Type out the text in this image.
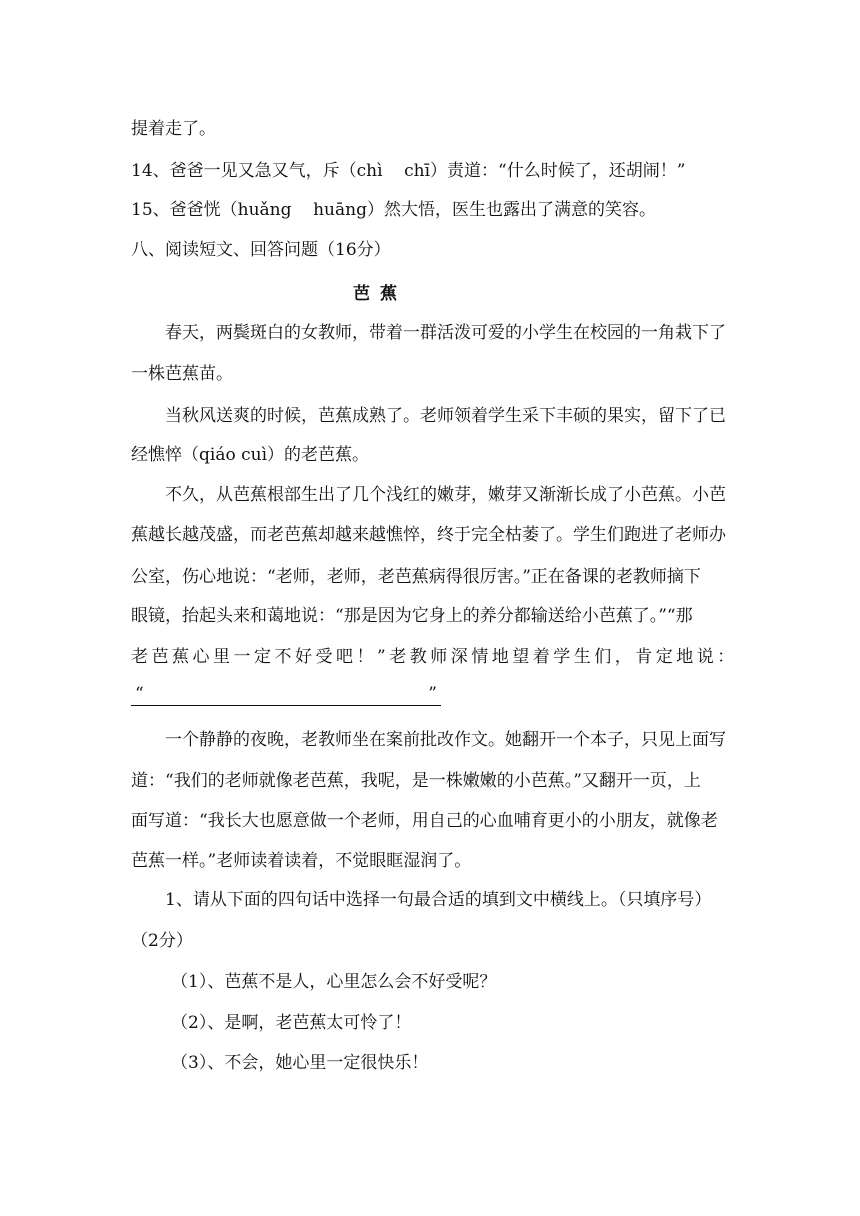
提着走了。
14、爸爸一见又急又气，斥（chì    chī）责道：“什么时候了，还胡闹！”
15、爸爸恍（huǎng    huāng）然大悟，医生也露出了满意的笑容。
八、阅读短文、回答问题（16分）
芭蕉
春天，两鬓斑白的女教师，带着一群活泼可爱的小学生在校园的一角栽下了
一株芭蕉苗。
当秋风送爽的时候，芭蕉成熟了。老师领着学生采下丰硕的果实，留下了已
经憔悴（qiáo cuì）的老芭蕉。
不久，从芭蕉根部生出了几个浅红的嫩芽，嫩芽又渐渐长成了小芭蕉。小芭
蕉越长越茂盛，而老芭蕉却越来越憔悴，终于完全枯萎了。学生们跑进了老师办
公室，伤心地说：“老师，老师，老芭蕉病得很厉害。”正在备课的老教师摘下
眼镜，抬起头来和蔼地说：“那是因为它身上的养分都输送给小芭蕉了。”“那
老芭蕉心里一定不好受吧！”老教师深情地望着学生们，肯定地说：
“	”
一个静静的夜晚，老教师坐在案前批改作文。她翻开一个本子，只见上面写
道：“我们的老师就像老芭蕉，我呢，是一株嫩嫩的小芭蕉。”又翻开一页，上
面写道：“我长大也愿意做一个老师，用自己的心血哺育更小的小朋友，就像老
芭蕉一样。”老师读着读着，不觉眼眶湿润了。
1、请从下面的四句话中选择一句最合适的填到文中横线上。（只填序号）
（2分）
（1）、芭蕉不是人，心里怎么会不好受呢？
（2）、是啊，老芭蕉太可怜了！
（3）、不会，她心里一定很快乐！
